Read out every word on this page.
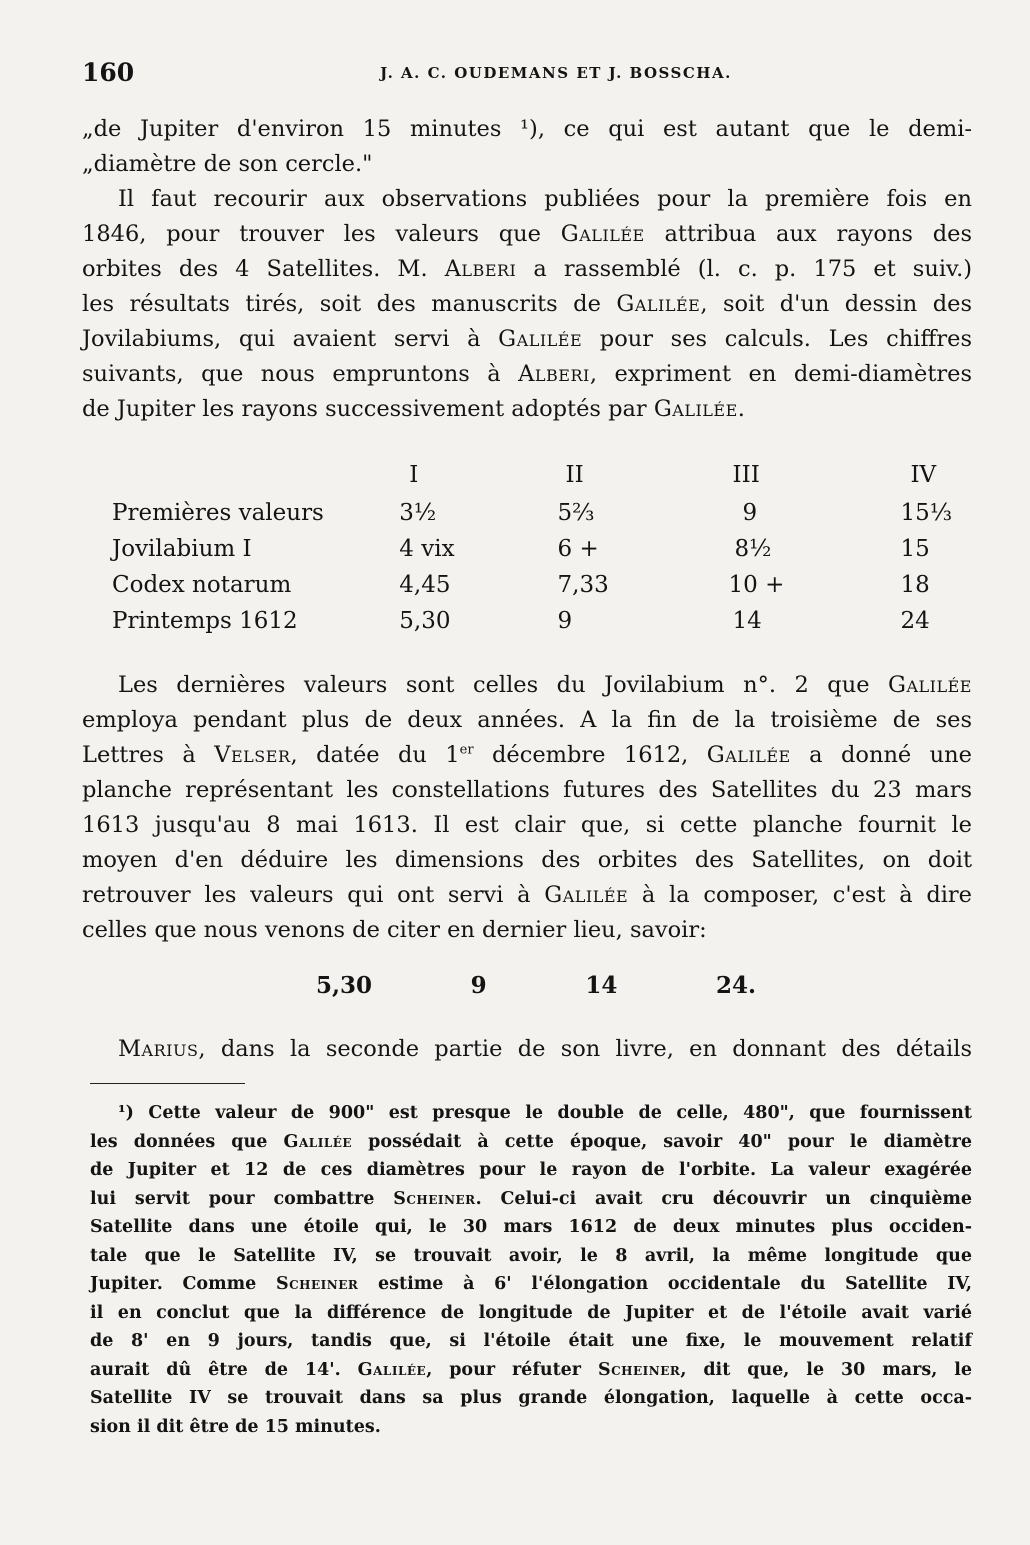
160	J. A. C. OUDEMANS ET J. BOSSCHA.
„de Jupiter d'environ 15 minutes ¹), ce qui est autant que le demi-
„diamètre de son cercle."
Il faut recourir aux observations publiées pour la première fois en
1846, pour trouver les valeurs que Galilée attribua aux rayons des
orbites des 4 Satellites. M. Alberi a rassemblé (l. c. p. 175 et suiv.)
les résultats tirés, soit des manuscrits de Galilée, soit d'un dessin des
Jovilabiums, qui avaient servi à Galilée pour ses calculs. Les chiffres
suivants, que nous empruntons à Alberi, expriment en demi-diamètres
de Jupiter les rayons successivement adoptés par Galilée.
	I	II	III	IV
Premières valeurs	3½	5⅔	9	15⅓
Jovilabium I	4 vix	6 +	8½	15
Codex notarum	4,45	7,33	10 +	18
Printemps 1612	5,30	9	14	24
Les dernières valeurs sont celles du Jovilabium n°. 2 que Galilée
employa pendant plus de deux années. A la fin de la troisième de ses
Lettres à Velser, datée du 1er décembre 1612, Galilée a donné une
planche représentant les constellations futures des Satellites du 23 mars
1613 jusqu'au 8 mai 1613. Il est clair que, si cette planche fournit le
moyen d'en déduire les dimensions des orbites des Satellites, on doit
retrouver les valeurs qui ont servi à Galilée à la composer, c'est à dire
celles que nous venons de citer en dernier lieu, savoir:
5,30	9	14	24.
Marius, dans la seconde partie de son livre, en donnant des détails
¹) Cette valeur de 900" est presque le double de celle, 480", que fournissent
les données que Galilée possédait à cette époque, savoir 40" pour le diamètre
de Jupiter et 12 de ces diamètres pour le rayon de l'orbite. La valeur exagérée
lui servit pour combattre Scheiner. Celui-ci avait cru découvrir un cinquième
Satellite dans une étoile qui, le 30 mars 1612 de deux minutes plus occiden-
tale que le Satellite IV, se trouvait avoir, le 8 avril, la même longitude que
Jupiter. Comme Scheiner estime à 6' l'élongation occidentale du Satellite IV,
il en conclut que la différence de longitude de Jupiter et de l'étoile avait varié
de 8' en 9 jours, tandis que, si l'étoile était une fixe, le mouvement relatif
aurait dû être de 14'. Galilée, pour réfuter Scheiner, dit que, le 30 mars, le
Satellite IV se trouvait dans sa plus grande élongation, laquelle à cette occa-
sion il dit être de 15 minutes.
